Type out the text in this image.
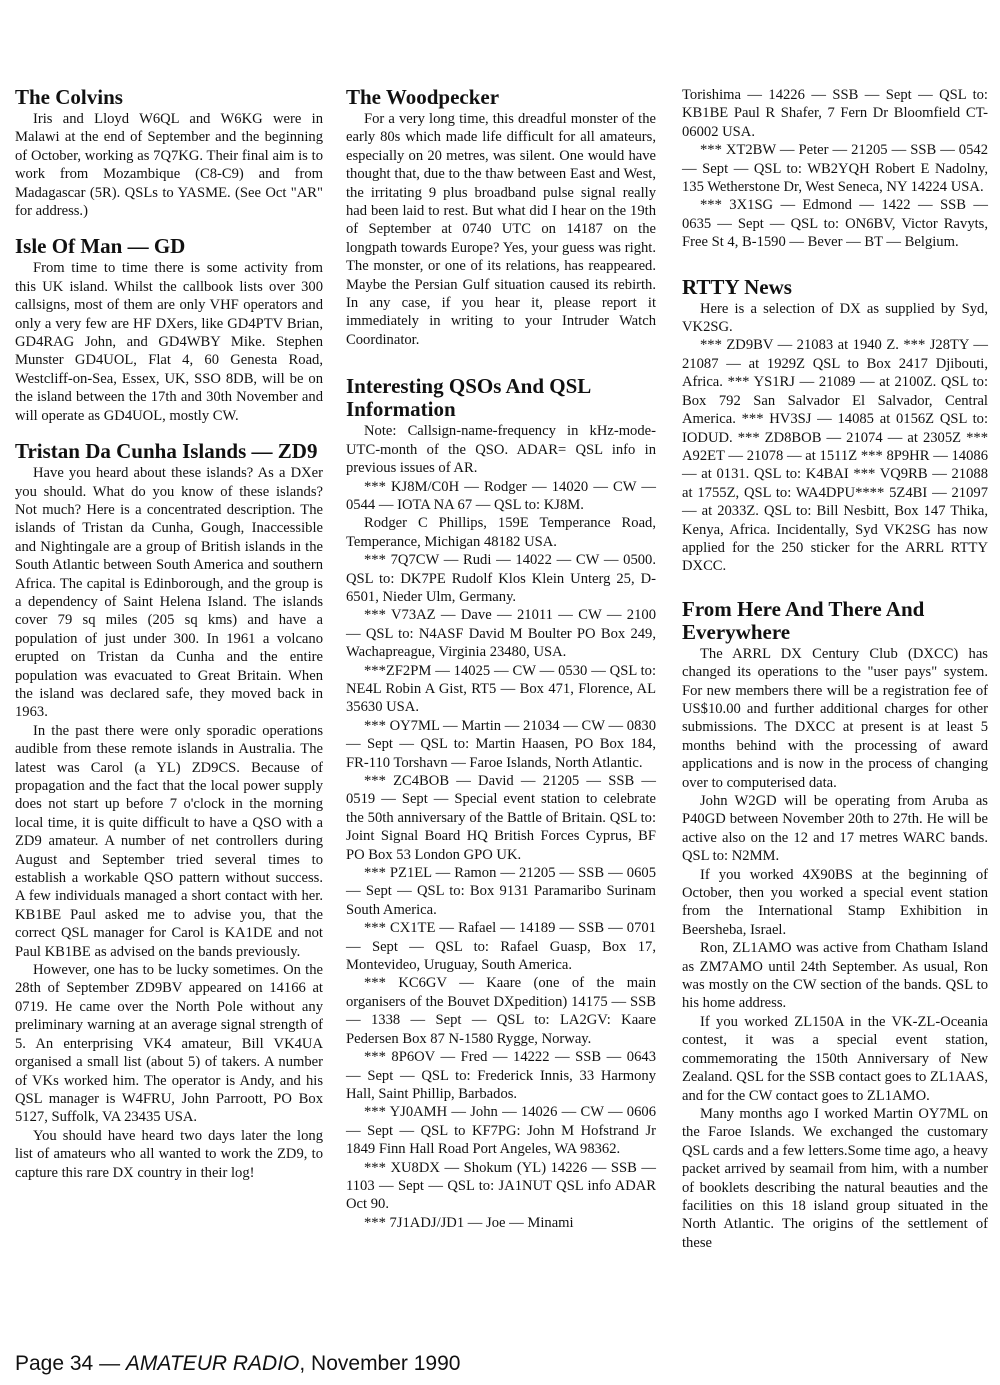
The Colvins

Iris and Lloyd W6QL and W6KG were in Malawi at the end of September and the beginning of October, working as 7Q7KG. Their final aim is to work from Mozambique (C8-C9) and from Madagascar (5R). QSLs to YASME. (See Oct "AR" for address.)

Isle Of Man — GD

From time to time there is some activity from this UK island. Whilst the callbook lists over 300 callsigns, most of them are only VHF operators and only a very few are HF DXers, like GD4PTV Brian, GD4RAG John, and GD4WBY Mike. Stephen Munster GD4UOL, Flat 4, 60 Genesta Road, Westcliff-on-Sea, Essex, UK, SSO 8DB, will be on the island between the 17th and 30th November and will operate as GD4UOL, mostly CW.

Tristan Da Cunha Islands — ZD9

Have you heard about these islands? As a DXer you should. What do you know of these islands? Not much? Here is a concentrated description. The islands of Tristan da Cunha, Gough, Inaccessible and Nightingale are a group of British islands in the South Atlantic between South America and southern Africa. The capital is Edinborough, and the group is a dependency of Saint Helena Island. The islands cover 79 sq miles (205 sq kms) and have a population of just under 300. In 1961 a volcano erupted on Tristan da Cunha and the entire population was evacuated to Great Britain. When the island was declared safe, they moved back in 1963.

In the past there were only sporadic operations audible from these remote islands in Australia. The latest was Carol (a YL) ZD9CS. Because of propagation and the fact that the local power supply does not start up before 7 o'clock in the morning local time, it is quite difficult to have a QSO with a ZD9 amateur. A number of net controllers during August and September tried several times to establish a workable QSO pattern without success. A few individuals managed a short contact with her. KB1BE Paul asked me to advise you, that the correct QSL manager for Carol is KA1DE and not Paul KB1BE as advised on the bands previously.

However, one has to be lucky sometimes. On the 28th of September ZD9BV appeared on 14166 at 0719. He came over the North Pole without any preliminary warning at an average signal strength of 5. An enterprising VK4 amateur, Bill VK4UA organised a small list (about 5) of takers. A number of VKs worked him. The operator is Andy, and his QSL manager is W4FRU, John Parroott, PO Box 5127, Suffolk, VA 23435 USA.

You should have heard two days later the long list of amateurs who all wanted to work the ZD9, to capture this rare DX country in their log!

The Woodpecker

For a very long time, this dreadful monster of the early 80s which made life difficult for all amateurs, especially on 20 metres, was silent. One would have thought that, due to the thaw between East and West, the irritating 9 plus broadband pulse signal really had been laid to rest. But what did I hear on the 19th of September at 0740 UTC on 14187 on the longpath towards Europe? Yes, your guess was right. The monster, or one of its relations, has reappeared. Maybe the Persian Gulf situation caused its rebirth. In any case, if you hear it, please report it immediately in writing to your Intruder Watch Coordinator.

Interesting QSOs And QSL Information

Note: Callsign-name-frequency in kHz-mode-UTC-month of the QSO. ADAR= QSL info in previous issues of AR.

*** KJ8M/C0H — Rodger — 14020 — CW — 0544 — IOTA NA 67 — QSL to: KJ8M.

Rodger C Phillips, 159E Temperance Road, Temperance, Michigan 48182 USA.

*** 7Q7CW — Rudi — 14022 — CW — 0500. QSL to: DK7PE Rudolf Klos Klein Unterg 25, D-6501, Nieder Ulm, Germany.

*** V73AZ — Dave — 21011 — CW — 2100 — QSL to: N4ASF David M Boulter PO Box 249, Wachapreague, Virginia 23480, USA.

***ZF2PM — 14025 — CW — 0530 — QSL to: NE4L Robin A Gist, RT5 — Box 471, Florence, AL 35630 USA.

*** OY7ML — Martin — 21034 — CW — 0830 — Sept — QSL to: Martin Haasen, PO Box 184, FR-110 Torshavn — Faroe Islands, North Atlantic.

*** ZC4BOB — David — 21205 — SSB — 0519 — Sept — Special event station to celebrate the 50th anniversary of the Battle of Britain. QSL to: Joint Signal Board HQ British Forces Cyprus, BF PO Box 53 London GPO UK.

*** PZ1EL — Ramon — 21205 — SSB — 0605 — Sept — QSL to: Box 9131 Paramaribo Surinam South America.

*** CX1TE — Rafael — 14189 — SSB — 0701 — Sept — QSL to: Rafael Guasp, Box 17, Montevideo, Uruguay, South America.

*** KC6GV — Kaare (one of the main organisers of the Bouvet DXpedition) 14175 — SSB — 1338 — Sept — QSL to: LA2GV: Kaare Pedersen Box 87 N-1580 Rygge, Norway.

*** 8P6OV — Fred — 14222 — SSB — 0643 — Sept — QSL to: Frederick Innis, 33 Harmony Hall, Saint Phillip, Barbados.

*** YJ0AMH — John — 14026 — CW — 0606 — Sept — QSL to KF7PG: John M Hofstrand Jr 1849 Finn Hall Road Port Angeles, WA 98362.

*** XU8DX — Shokum (YL) 14226 — SSB — 1103 — Sept — QSL to: JA1NUT QSL info ADAR Oct 90.

*** 7J1ADJ/JD1 — Joe — Minami

Torishima — 14226 — SSB — Sept — QSL to: KB1BE Paul R Shafer, 7 Fern Dr Bloomfield CT-06002 USA.

*** XT2BW — Peter — 21205 — SSB — 0542 — Sept — QSL to: WB2YQH Robert E Nadolny, 135 Wetherstone Dr, West Seneca, NY 14224 USA.

*** 3X1SG — Edmond — 1422 — SSB — 0635 — Sept — QSL to: ON6BV, Victor Ravyts, Free St 4, B-1590 — Bever — BT — Belgium.

RTTY News

Here is a selection of DX as supplied by Syd, VK2SG.

*** ZD9BV — 21083 at 1940 Z. *** J28TY — 21087 — at 1929Z QSL to Box 2417 Djibouti, Africa. *** YS1RJ — 21089 — at 2100Z. QSL to: Box 792 San Salvador El Salvador, Central America. *** HV3SJ — 14085 at 0156Z QSL to: IODUD. *** ZD8BOB — 21074 — at 2305Z *** A92ET — 21078 — at 1511Z *** 8P9HR — 14086 — at 0131. QSL to: K4BAI *** VQ9RB — 21088 at 1755Z, QSL to: WA4DPU**** 5Z4BI — 21097 — at 2033Z. QSL to: Bill Nesbitt, Box 147 Thika, Kenya, Africa. Incidentally, Syd VK2SG has now applied for the 250 sticker for the ARRL RTTY DXCC.

From Here And There And Everywhere

The ARRL DX Century Club (DXCC) has changed its operations to the "user pays" system. For new members there will be a registration fee of US$10.00 and further additional charges for other submissions. The DXCC at present is at least 5 months behind with the processing of award applications and is now in the process of changing over to computerised data.

John W2GD will be operating from Aruba as P40GD between November 20th to 27th. He will be active also on the 12 and 17 metres WARC bands. QSL to: N2MM.

If you worked 4X90BS at the beginning of October, then you worked a special event station from the International Stamp Exhibition in Beersheba, Israel.

Ron, ZL1AMO was active from Chatham Island as ZM7AMO until 24th September. As usual, Ron was mostly on the CW section of the bands. QSL to his home address.

If you worked ZL150A in the VK-ZL-Oceania contest, it was a special event station, commemorating the 150th Anniversary of New Zealand. QSL for the SSB contact goes to ZL1AAS, and for the CW contact goes to ZL1AMO.

Many months ago I worked Martin OY7ML on the Faroe Islands. We exchanged the customary QSL cards and a few letters.Some time ago, a heavy packet arrived by seamail from him, with a number of booklets describing the natural beauties and the facilities on this 18 island group situated in the North Atlantic. The origins of the settlement of these

Page 34 — AMATEUR RADIO, November 1990
